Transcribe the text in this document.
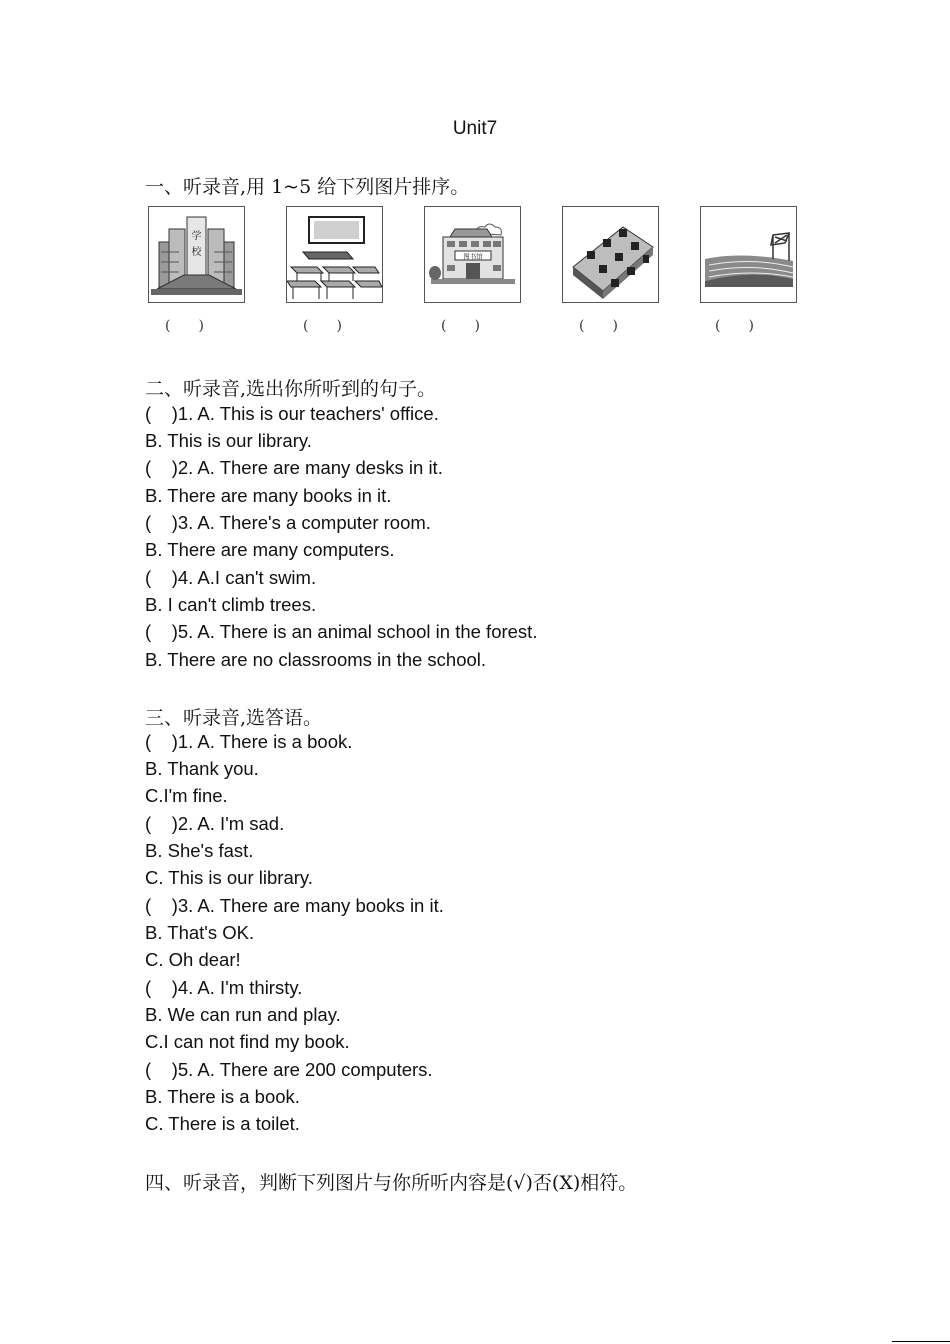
Unit7
一、听录音,用 1~5 给下列图片排序。
学
校	图书馆
(　　)	(　　)	(　　)	(　　)	(　　)
二、听录音,选出你所听到的句子。
(    )1. A. This is our teachers' office.
B. This is our library.
(    )2. A. There are many desks in it.
B. There are many books in it.
(    )3. A. There's a computer room.
B. There are many computers.
(    )4. A.I can't swim.
B. I can't climb trees.
(    )5. A. There is an animal school in the forest.
B. There are no classrooms in the school.
三、听录音,选答语。
(    )1. A. There is a book.
B. Thank you.
C.I'm fine.
(    )2. A. I'm sad.
B. She's fast.
C. This is our library.
(    )3. A. There are many books in it.
B. That's OK.
C. Oh dear!
(    )4. A. I'm thirsty.
B. We can run and play.
C.I can not find my book.
(    )5. A. There are 200 computers.
B. There is a book.
C. There is a toilet.
四、听录音，判断下列图片与你所听内容是(√)否(X)相符。
